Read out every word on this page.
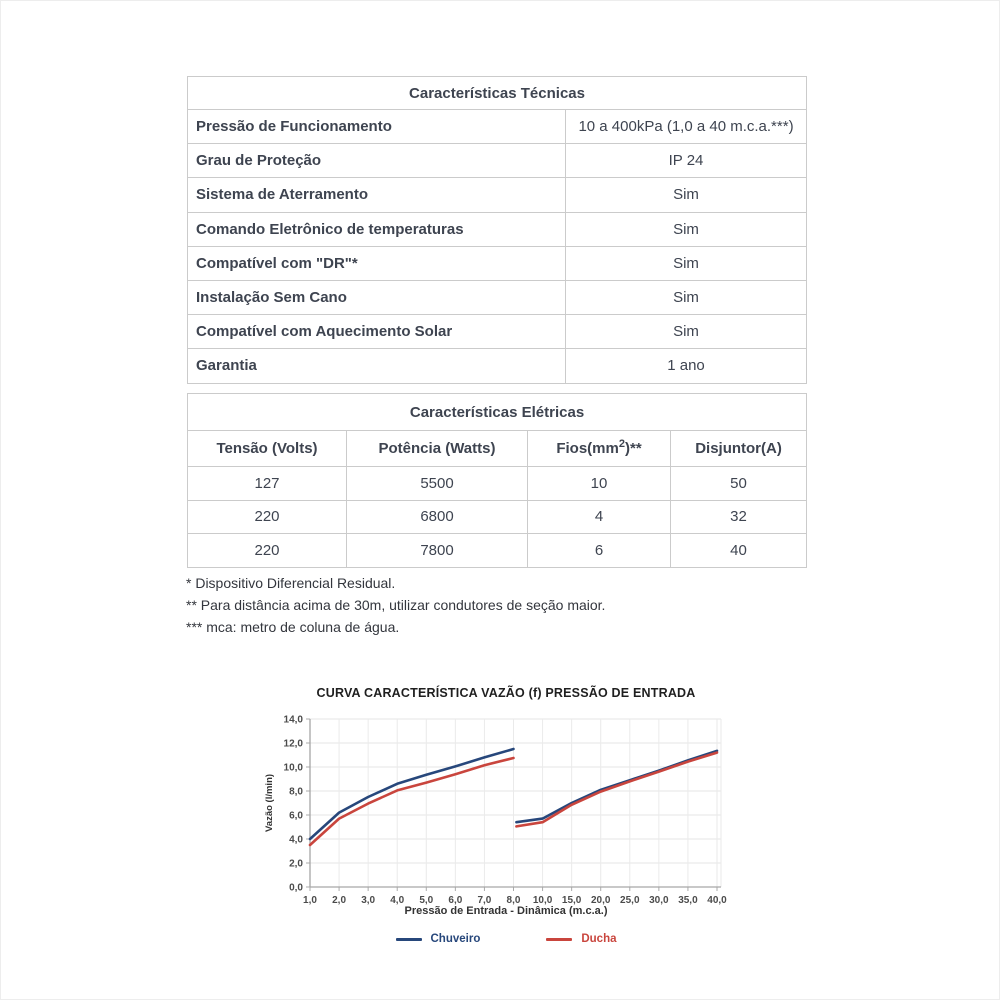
Características Técnicas	
Pressão de Funcionamento	10 a 400kPa (1,0 a 40 m.c.a.***)
Grau de Proteção	IP 24
Sistema de Aterramento	Sim
Comando Eletrônico de temperaturas	Sim
Compatível com "DR"*	Sim
Instalação Sem Cano	Sim
Compatível com Aquecimento Solar	Sim
Garantia	1 ano
Características Elétricas			
Tensão (Volts)	Potência (Watts)	$Fios(mm^2)**$	Disjuntor(A)
127	5500	10	50
220	6800	4	32
220	7800	6	40
* Dispositivo Diferencial Residual.
** Para distância acima de 30m, utilizar condutores de seção maior.
*** mca: metro de coluna de água.
CURVA CARACTERÍSTICA VAZÃO (f) PRESSÃO DE ENTRADA
0,0
2,0
4,0
6,0
8,0
10,0
12,0
14,0
1,0 2,0 3,0 4,0 5,0 6,0 7,0 8,0 10,0 15,0 20,0 25,0 30,0 35,0 40,0
Vazão (l/min)
Pressão de Entrada - Dinâmica (m.c.a.)
Chuveiro	Ducha
